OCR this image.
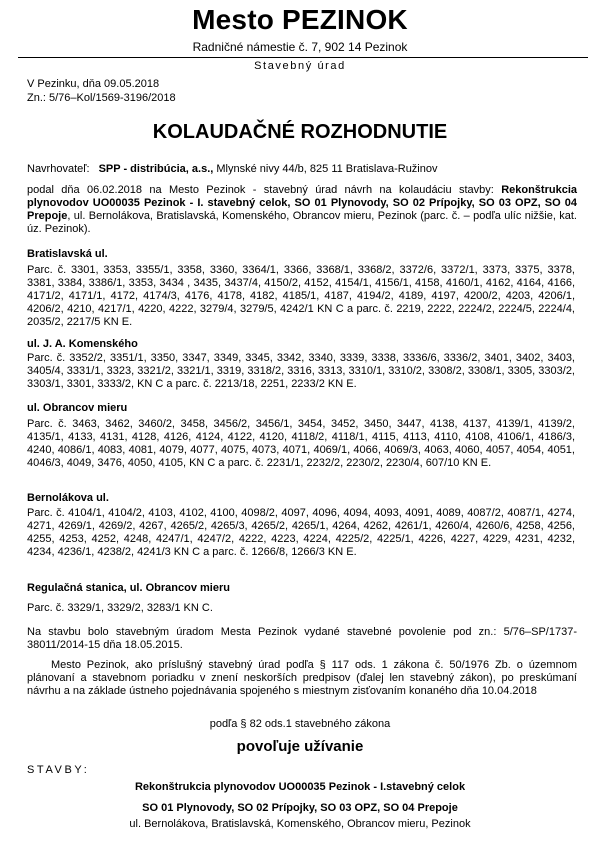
Mesto PEZINOK
Radničné námestie č. 7, 902 14 Pezinok
Stavebný úrad
V Pezinku, dňa 09.05.2018
Zn.: 5/76–Kol/1569-3196/2018
KOLAUDAČNÉ ROZHODNUTIE
Navrhovateľ: SPP - distribúcia, a.s., Mlynské nivy 44/b, 825 11 Bratislava-Ružinov
podal dňa 06.02.2018 na Mesto Pezinok - stavebný úrad návrh na kolaudáciu stavby: Rekonštrukcia plynovodov UO00035 Pezinok - I. stavebný celok, SO 01 Plynovody, SO 02 Prípojky, SO 03 OPZ, SO 04 Prepoje, ul. Bernolákova, Bratislavská, Komenského, Obrancov mieru, Pezinok (parc. č. – podľa ulíc nižšie, kat. úz. Pezinok).
Bratislavská ul.
Parc. č. 3301, 3353, 3355/1, 3358, 3360, 3364/1, 3366, 3368/1, 3368/2, 3372/6, 3372/1, 3373, 3375, 3378, 3381, 3384, 3386/1, 3353, 3434 , 3435, 3437/4, 4150/2, 4152, 4154/1, 4156/1, 4158, 4160/1, 4162, 4164, 4166, 4171/2, 4171/1, 4172, 4174/3, 4176, 4178, 4182, 4185/1, 4187, 4194/2, 4189, 4197, 4200/2, 4203, 4206/1, 4206/2, 4210, 4217/1, 4220, 4222, 3279/4, 3279/5, 4242/1 KN C a parc. č. 2219, 2222, 2224/2, 2224/5, 2224/4, 2035/2, 2217/5 KN E.
ul. J. A. Komenského
Parc. č. 3352/2, 3351/1, 3350, 3347, 3349, 3345, 3342, 3340, 3339, 3338, 3336/6, 3336/2, 3401, 3402, 3403, 3405/4, 3331/1, 3323, 3321/2, 3321/1, 3319, 3318/2, 3316, 3313, 3310/1, 3310/2, 3308/2, 3308/1, 3305, 3303/2, 3303/1, 3301, 3333/2, KN C a parc. č. 2213/18, 2251, 2233/2 KN E.
ul. Obrancov mieru
Parc. č. 3463, 3462, 3460/2, 3458, 3456/2, 3456/1, 3454, 3452, 3450, 3447, 4138, 4137, 4139/1, 4139/2, 4135/1, 4133, 4131, 4128, 4126, 4124, 4122, 4120, 4118/2, 4118/1, 4115, 4113, 4110, 4108, 4106/1, 4186/3, 4240, 4086/1, 4083, 4081, 4079, 4077, 4075, 4073, 4071, 4069/1, 4066, 4069/3, 4063, 4060, 4057, 4054, 4051, 4046/3, 4049, 3476, 4050, 4105, KN C a parc. č. 2231/1, 2232/2, 2230/2, 2230/4, 607/10 KN E.
Bernolákova ul.
Parc. č. 4104/1, 4104/2, 4103, 4102, 4100, 4098/2, 4097, 4096, 4094, 4093, 4091, 4089, 4087/2, 4087/1, 4274, 4271, 4269/1, 4269/2, 4267, 4265/2, 4265/3, 4265/2, 4265/1, 4264, 4262, 4261/1, 4260/4, 4260/6, 4258, 4256, 4255, 4253, 4252, 4248, 4247/1, 4247/2, 4222, 4223, 4224, 4225/2, 4225/1, 4226, 4227, 4229, 4231, 4232, 4234, 4236/1, 4238/2, 4241/3 KN C a parc. č. 1266/8, 1266/3 KN E.
Regulačná stanica, ul. Obrancov mieru
Parc. č. 3329/1, 3329/2, 3283/1 KN C.
Na stavbu bolo stavebným úradom Mesta Pezinok vydané stavebné povolenie pod zn.: 5/76–SP/1737-38011/2014-15 dňa 18.05.2015.
Mesto Pezinok, ako príslušný stavebný úrad podľa § 117 ods. 1 zákona č. 50/1976 Zb. o územnom plánovaní a stavebnom poriadku v znení neskorších predpisov (ďalej len stavebný zákon), po preskúmaní návrhu a na základe ústneho pojednávania spojeného s miestnym zisťovaním konaného dňa 10.04.2018
podľa § 82 ods.1 stavebného zákona
povoľuje užívanie
STAVBY:
Rekonštrukcia plynovodov UO00035 Pezinok - I.stavebný celok
SO 01 Plynovody, SO 02 Prípojky, SO 03 OPZ, SO 04 Prepoje
ul. Bernolákova, Bratislavská, Komenského, Obrancov mieru, Pezinok
